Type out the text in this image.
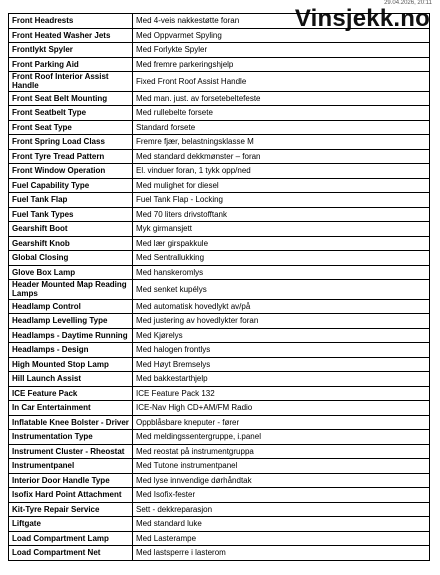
29.04.2026, 20:11
Vinsjekk.no
Front Headrests	Med 4-veis nakkestøtte foran
Front Heated Washer Jets	Med Oppvarmet Spyling
Frontlykt Spyler	Med Forlykte Spyler
Front Parking Aid	Med fremre parkeringshjelp
Front Roof Interior Assist Handle	Fixed Front Roof Assist Handle
Front Seat Belt Mounting	Med man. just. av forsetebeltefeste
Front Seatbelt Type	Med rullebelte forsete
Front Seat Type	Standard forsete
Front Spring Load Class	Fremre fjær, belastningsklasse M
Front Tyre Tread Pattern	Med standard dekkmønster – foran
Front Window Operation	El. vinduer foran, 1 tykk opp/ned
Fuel Capability Type	Med mulighet for diesel
Fuel Tank Flap	Fuel Tank Flap - Locking
Fuel Tank Types	Med 70 liters drivstofftank
Gearshift Boot	Myk girmansjett
Gearshift Knob	Med lær girspakkule
Global Closing	Med Sentrallukking
Glove Box Lamp	Med hanskeromlys
Header Mounted Map Reading Lamps	Med senket kupélys
Headlamp Control	Med automatisk hovedlykt av/på
Headlamp Levelling Type	Med justering av hovedlykter foran
Headlamps - Daytime Running	Med Kjørelys
Headlamps - Design	Med halogen frontlys
High Mounted Stop Lamp	Med Høyt Bremselys
Hill Launch Assist	Med bakkestarthjelp
ICE Feature Pack	ICE Feature Pack 132
In Car Entertainment	ICE-Nav High CD+AM/FM Radio
Inflatable Knee Bolster - Driver	Oppblåsbare kneputer - fører
Instrumentation Type	Med meldingssentergruppe, i.panel
Instrument Cluster - Rheostat	Med reostat på instrumentgruppa
Instrumentpanel	Med Tutone instrumentpanel
Interior Door Handle Type	Med lyse innvendige dørhåndtak
Isofix Hard Point Attachment	Med Isofix-fester
Kit-Tyre Repair Service	Sett - dekkreparasjon
Liftgate	Med standard luke
Load Compartment Lamp	Med Lasterampe
Load Compartment Net	Med lastsperre i lasterom
